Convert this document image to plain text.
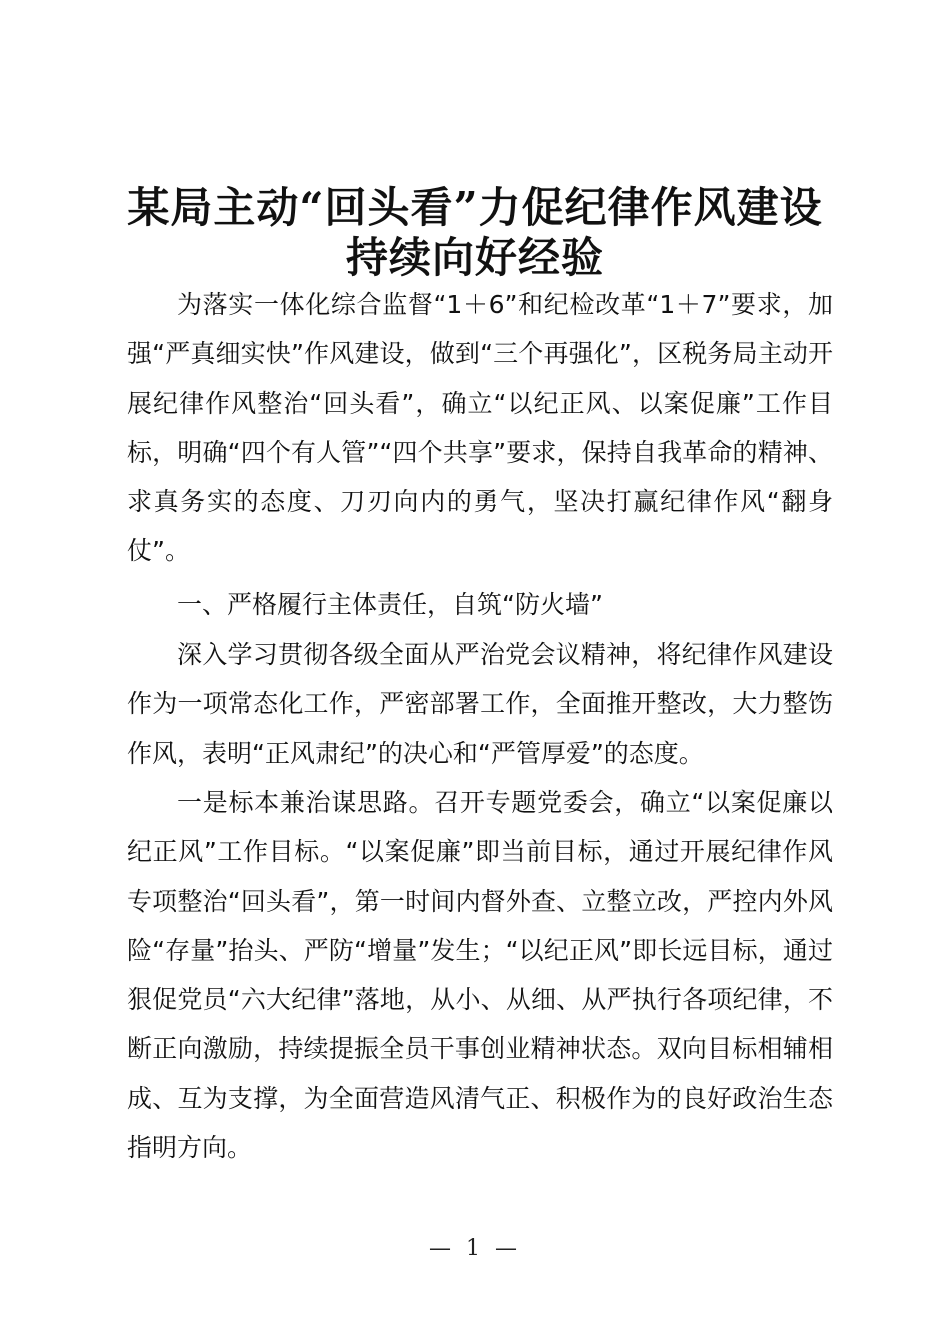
某局主动“回头看”力促纪律作风建设
持续向好经验

为落实一体化综合监督“1＋6”和纪检改革“1＋7”要求，加强“严真细实快”作风建设，做到“三个再强化”，区税务局主动开展纪律作风整治“回头看”，确立“以纪正风、以案促廉”工作目标，明确“四个有人管”“四个共享”要求，保持自我革命的精神、求真务实的态度、刀刃向内的勇气，坚决打赢纪律作风“翻身仗”。

一、严格履行主体责任，自筑“防火墙”

深入学习贯彻各级全面从严治党会议精神，将纪律作风建设作为一项常态化工作，严密部署工作，全面推开整改，大力整饬作风，表明“正风肃纪”的决心和“严管厚爱”的态度。

一是标本兼治谋思路。召开专题党委会，确立“以案促廉以纪正风”工作目标。“以案促廉”即当前目标，通过开展纪律作风专项整治“回头看”，第一时间内督外查、立整立改，严控内外风险“存量”抬头、严防“增量”发生；“以纪正风”即长远目标，通过狠促党员“六大纪律”落地，从小、从细、从严执行各项纪律，不断正向激励，持续提振全员干事创业精神状态。双向目标相辅相成、互为支撑，为全面营造风清气正、积极作为的良好政治生态指明方向。

— 1 —
